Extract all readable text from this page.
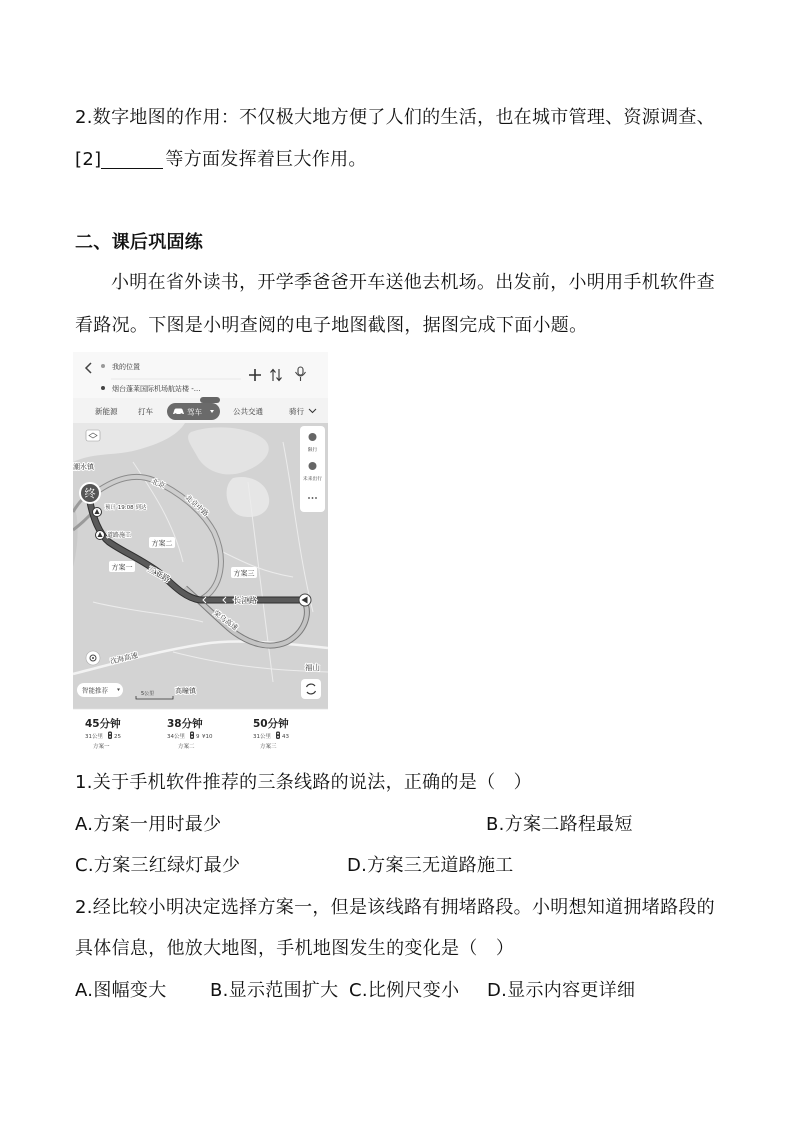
2.数字地图的作用：不仅极大地方便了人们的生活，也在城市管理、资源调查、
[2]	等方面发挥着巨大作用。
二、课后巩固练
小明在省外读书，开学季爸爸开车送他去机场。出发前，小明用手机软件查
看路况。下图是小明查阅的电子地图截图，据图完成下面小题。
我的位置
烟台蓬莱国际机场航站楼 -...
新能源	打车	驾车	公共交通	骑行
终
潮水镇
预计 19:08 到达
道路施工
北京
北京中路
方案二
方案一
方案三
三亚路
长江路
荣乌高速
沈海高速
福山
限行
未来出行
智能推荐	5公里	高疃镇
45分钟
31公里 25
方案一
38分钟
34公里 9 ¥10
方案二
50分钟
31公里 43
方案三
1.关于手机软件推荐的三条线路的说法，正确的是（　）
A.方案一用时最少	B.方案二路程最短
C.方案三红绿灯最少	D.方案三无道路施工
2.经比较小明决定选择方案一，但是该线路有拥堵路段。小明想知道拥堵路段的
具体信息，他放大地图，手机地图发生的变化是（　）
A.图幅变大 B.显示范围扩大 C.比例尺变小 D.显示内容更详细
